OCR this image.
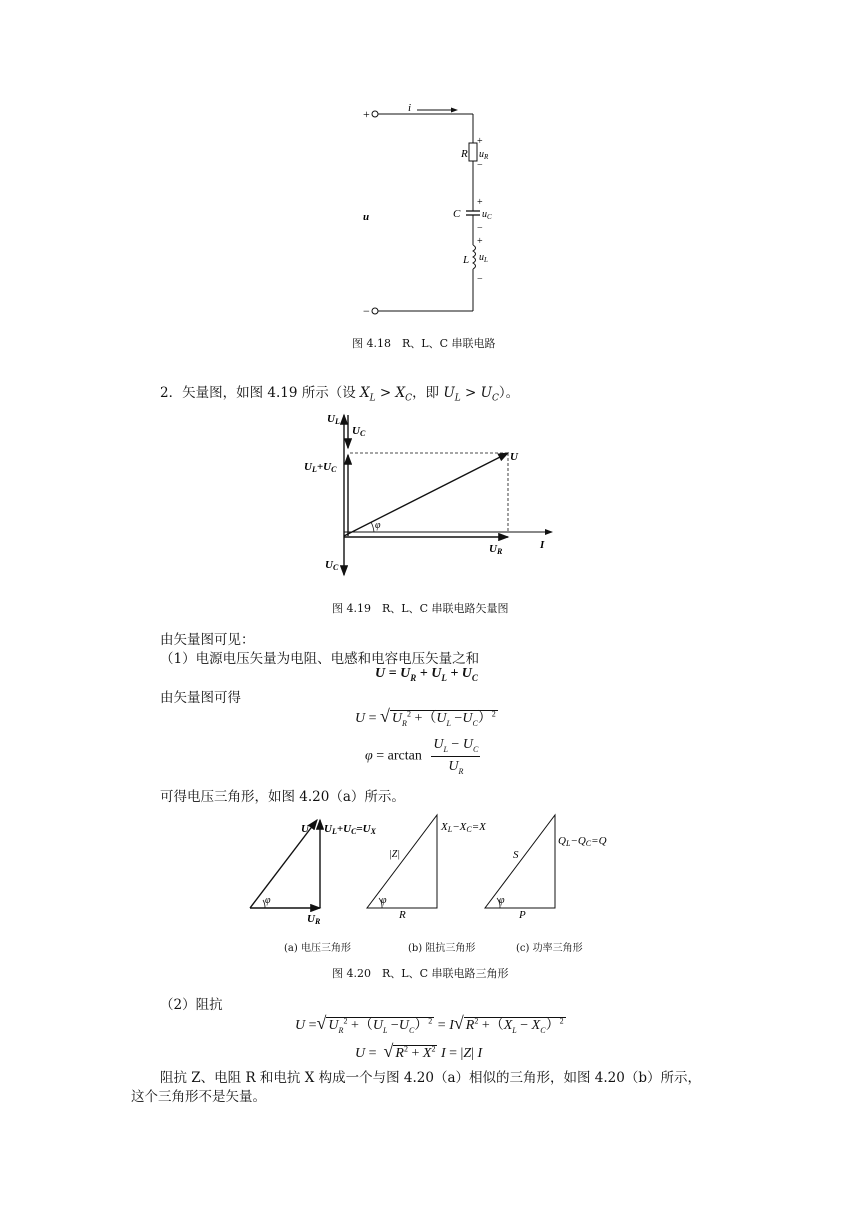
+	i
−
u
R
+
$u_R$
−
C
+
$u_C$
−
L
+
$u_L$
−
图 4.18　R、L、C 串联电路
2．矢量图，如图 4.19 所示（设 $X_L > X_C$，即 $U_L > U_C$）。
UL
UC
UL+UC
U
φ
UR
I
UC
图 4.19　R、L、C 串联电路矢量图
由矢量图可见：
（1）电源电压矢量为电阻、电感和电容电压矢量之和
$U = U_R + U_L + U_C$
由矢量图可得
U = √ $U_R^2 +(U_L -U_C)^2$
$\varphi = \arctan \frac{U_L - U_C}{U_R}$
可得电压三角形，如图 4.20（a）所示。
U UL+UC=UX
φ
UR
|Z|
XL−XC=X
φ
R
S
QL−QC=Q
φ
P
(a) 电压三角形	(b) 阻抗三角形	(c) 功率三角形
图 4.20　R、L、C 串联电路三角形
（2）阻抗
U =√ $U_R^2 +(U_L -U_C)^2 = I√$ $R^2 +(X_L - X_C)^2$
U =  √ $R^2 + X^2$ I = |Z| I
阻抗 Z、电阻 R 和电抗 X 构成一个与图 4.20（a）相似的三角形，如图 4.20（b）所示，
这个三角形不是矢量。
